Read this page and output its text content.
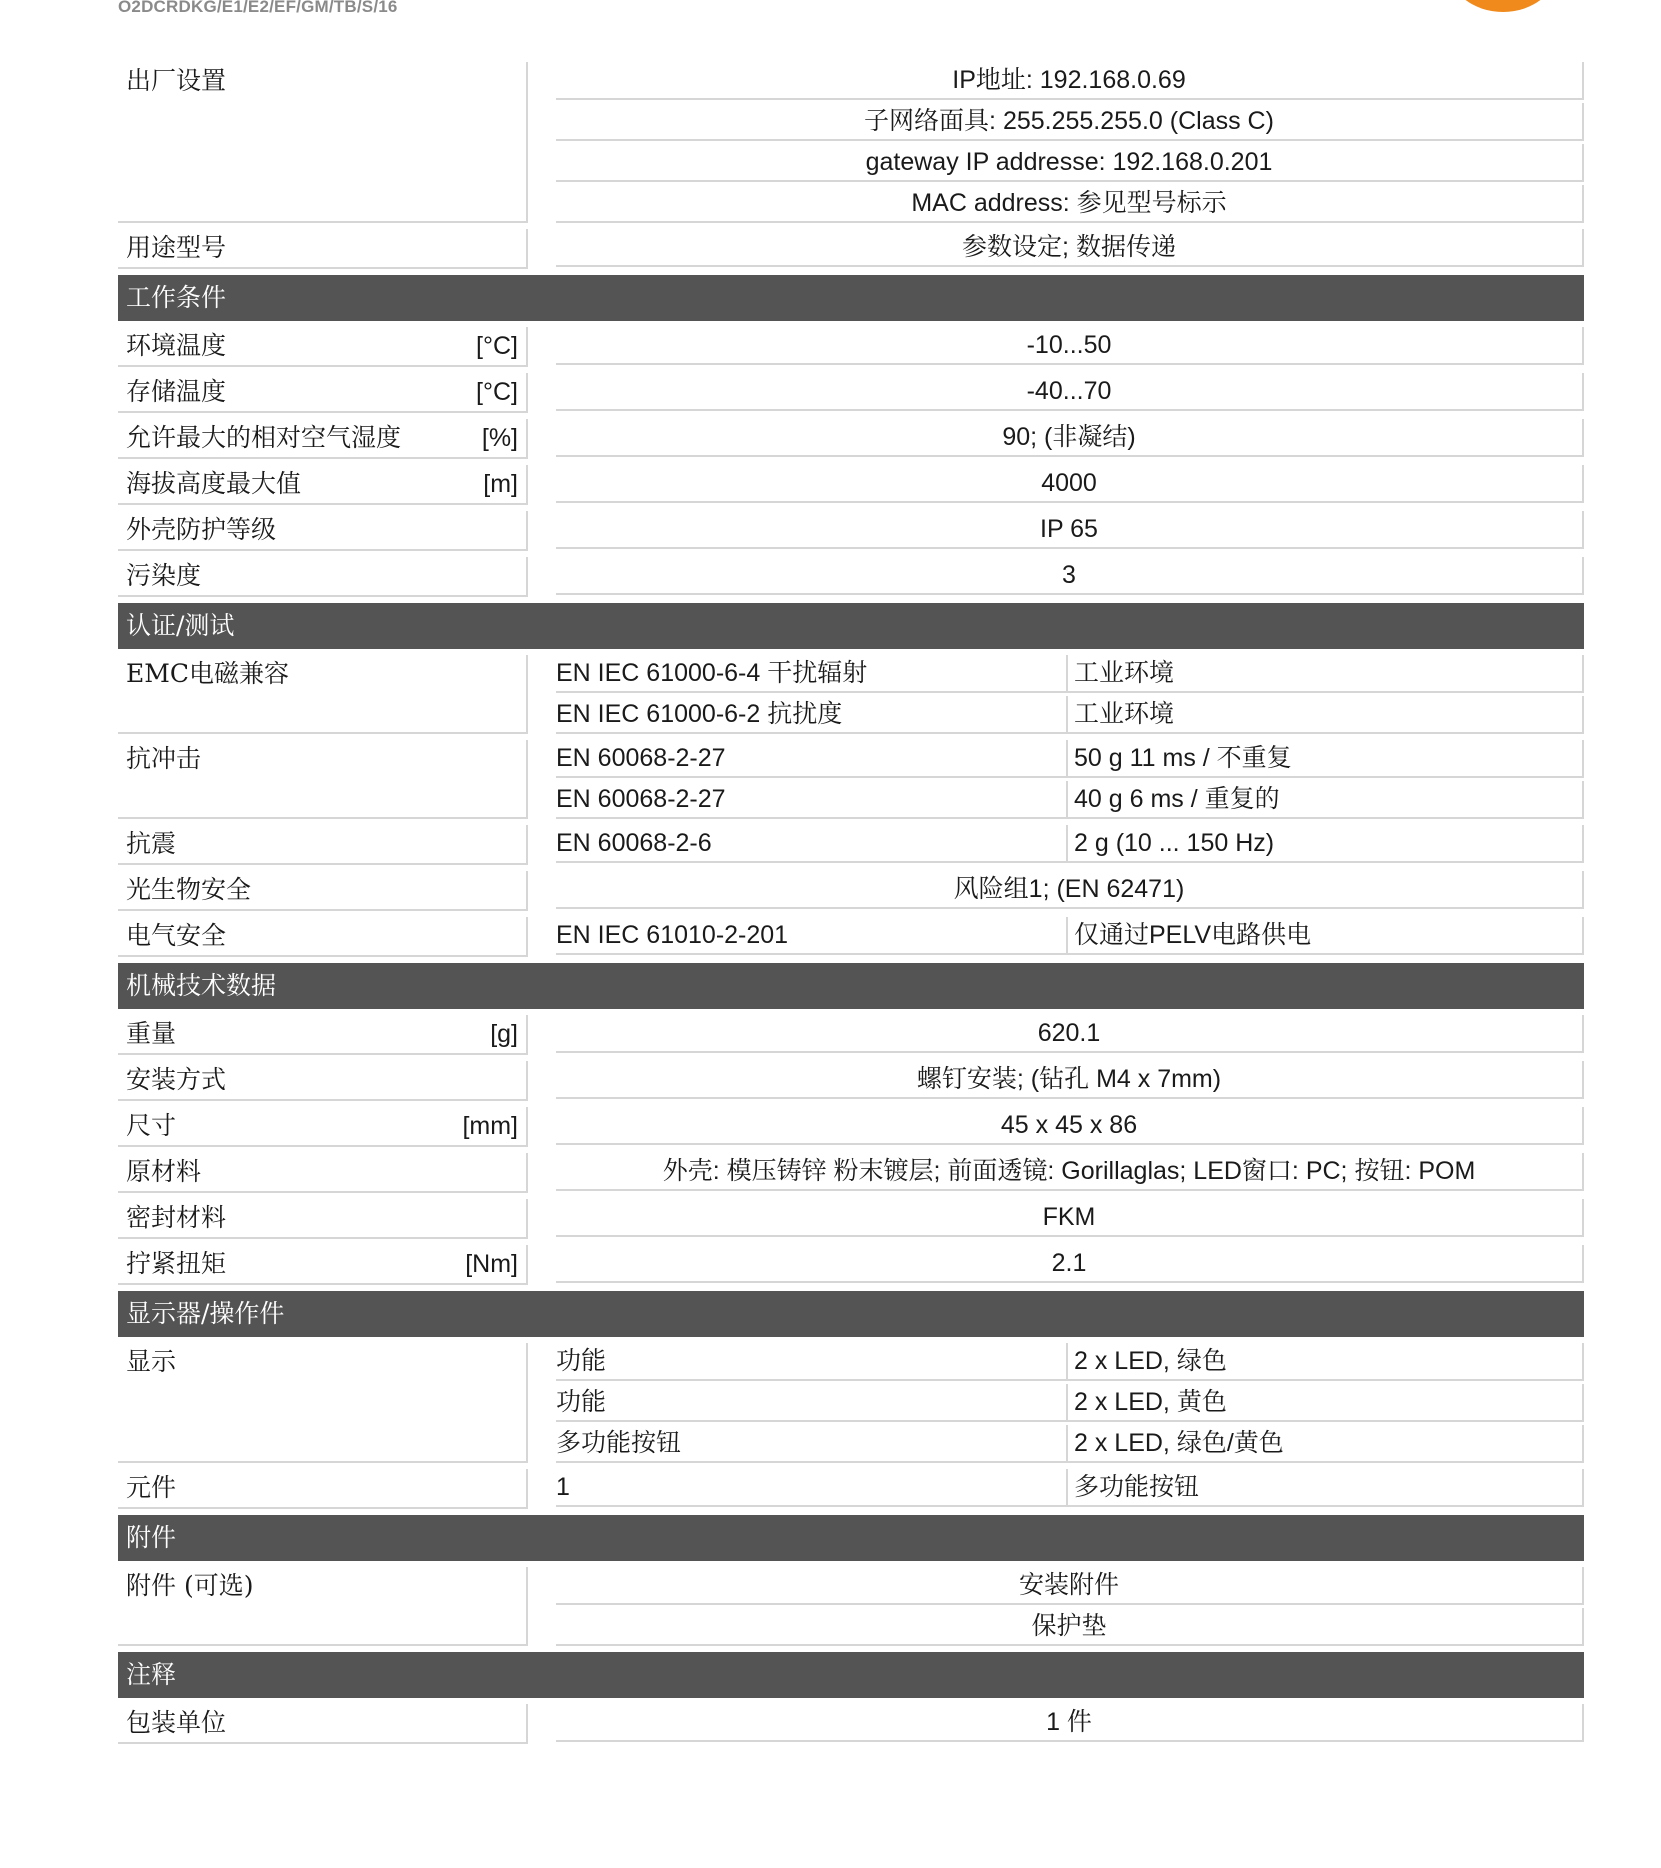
O2DCRDKG/E1/E2/EF/GM/TB/S/16
出厂设置	IP地址: 192.168.0.69
子网络面具: 255.255.255.0 (Class C)
gateway IP addresse: 192.168.0.201
MAC address: 参见型号标示
用途型号	参数设定; 数据传递
工作条件
环境温度	[°C]	-10...50
存储温度	[°C]	-40...70
允许最大的相对空气湿度	[%]	90; (非凝结)
海拔高度最大值	[m]	4000
外壳防护等级	IP 65
污染度	3
认证/测试
EMC电磁兼容	EN IEC 61000-6-4 干扰辐射	工业环境
EN IEC 61000-6-2 抗扰度	工业环境
抗冲击	EN 60068-2-27	50 g 11 ms / 不重复
EN 60068-2-27	40 g 6 ms / 重复的
抗震	EN 60068-2-6	2 g (10 ... 150 Hz)
光生物安全	风险组1; (EN 62471)
电气安全	EN IEC 61010-2-201	仅通过PELV电路供电
机械技术数据
重量	[g]	620.1
安装方式	螺钉安装; (钻孔 M4 x 7mm)
尺寸	[mm]	45 x 45 x 86
原材料	外壳: 模压铸锌 粉末镀层; 前面透镜: Gorillaglas; LED窗口: PC; 按钮: POM
密封材料	FKM
拧紧扭矩	[Nm]	2.1
显示器/操作件
显示	功能	2 x LED, 绿色
功能	2 x LED, 黄色
多功能按钮	2 x LED, 绿色/黄色
元件	1	多功能按钮
附件
附件 (可选)	安装附件
保护垫
注释
包装单位	1 件
